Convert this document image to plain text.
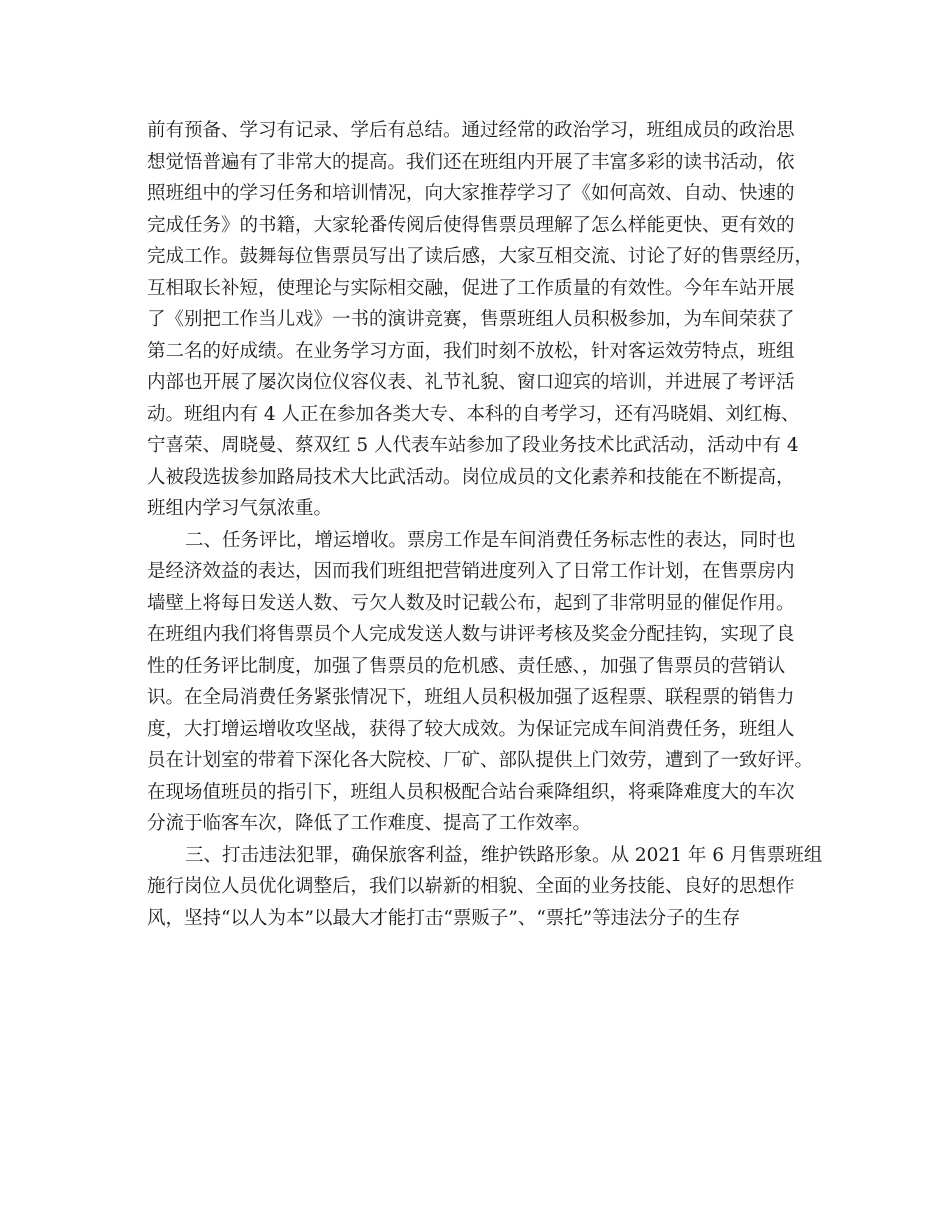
前有预备、学习有记录、学后有总结。通过经常的政治学习，班组成员的政治思
想觉悟普遍有了非常大的提高。我们还在班组内开展了丰富多彩的读书活动，依
照班组中的学习任务和培训情况，向大家推荐学习了《如何高效、自动、快速的
完成任务》的书籍，大家轮番传阅后使得售票员理解了怎么样能更快、更有效的
完成工作。鼓舞每位售票员写出了读后感，大家互相交流、讨论了好的售票经历，
互相取长补短，使理论与实际相交融，促进了工作质量的有效性。今年车站开展
了《别把工作当儿戏》一书的演讲竞赛，售票班组人员积极参加，为车间荣获了
第二名的好成绩。在业务学习方面，我们时刻不放松，针对客运效劳特点，班组
内部也开展了屡次岗位仪容仪表、礼节礼貌、窗口迎宾的培训，并进展了考评活
动。班组内有 4 人正在参加各类大专、本科的自考学习，还有冯晓娟、刘红梅、
宁喜荣、周晓曼、蔡双红 5 人代表车站参加了段业务技术比武活动，活动中有 4
人被段选拔参加路局技术大比武活动。岗位成员的文化素养和技能在不断提高，
班组内学习气氛浓重。
二、任务评比，增运增收。票房工作是车间消费任务标志性的表达，同时也
是经济效益的表达，因而我们班组把营销进度列入了日常工作计划，在售票房内
墙壁上将每日发送人数、亏欠人数及时记载公布，起到了非常明显的催促作用。
在班组内我们将售票员个人完成发送人数与讲评考核及奖金分配挂钩，实现了良
性的任务评比制度，加强了售票员的危机感、责任感、，加强了售票员的营销认
识。在全局消费任务紧张情况下，班组人员积极加强了返程票、联程票的销售力
度，大打增运增收攻坚战，获得了较大成效。为保证完成车间消费任务，班组人
员在计划室的带着下深化各大院校、厂矿、部队提供上门效劳，遭到了一致好评。
在现场值班员的指引下，班组人员积极配合站台乘降组织，将乘降难度大的车次
分流于临客车次，降低了工作难度、提高了工作效率。
三、打击违法犯罪，确保旅客利益，维护铁路形象。从 2021 年 6 月售票班组
施行岗位人员优化调整后，我们以崭新的相貌、全面的业务技能、良好的思想作
风，坚持“以人为本”以最大才能打击“票贩子”、“票托”等违法分子的生存
